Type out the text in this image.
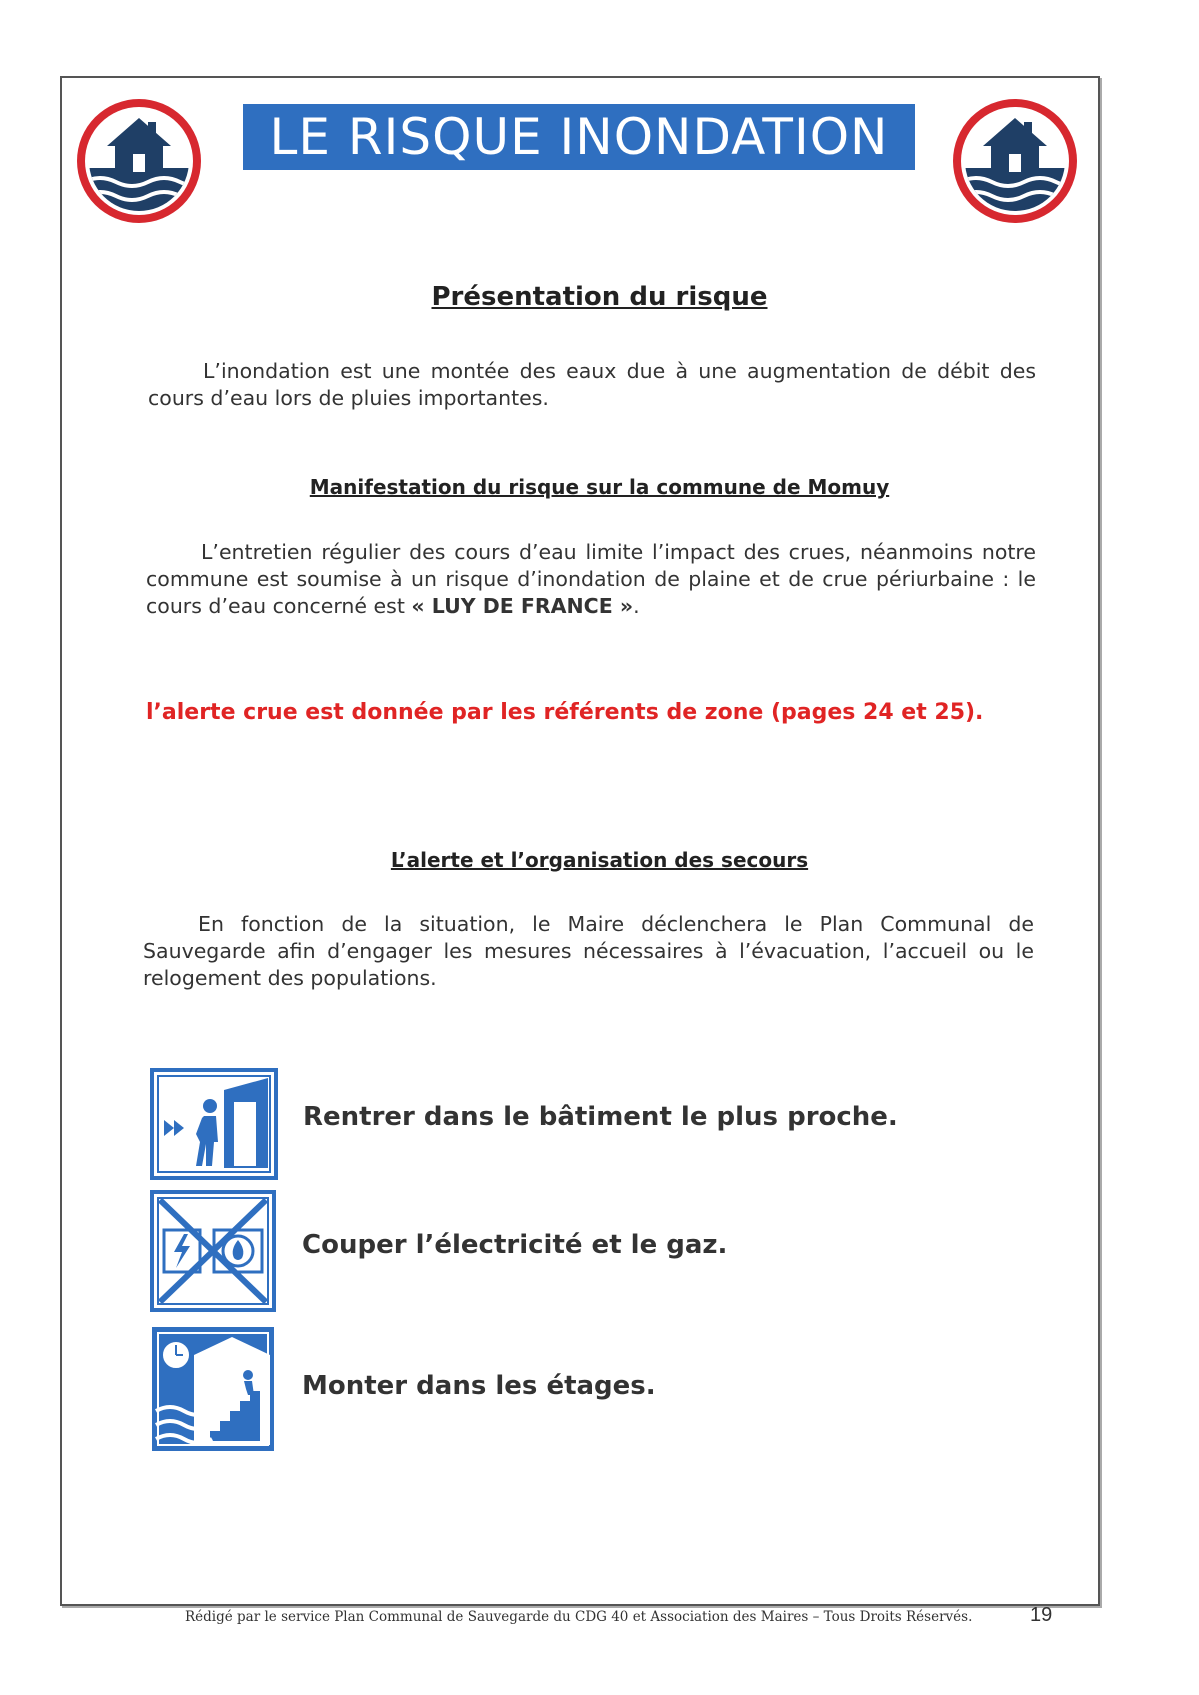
LE RISQUE INONDATION
Présentation du risque
L’inondation est une montée des eaux due à une augmentation de débit des cours d’eau lors de pluies importantes.
Manifestation du risque sur la commune de Momuy
L’entretien régulier des cours d’eau limite l’impact des crues, néanmoins notre commune est soumise à un risque d’inondation de plaine et de crue périurbaine : le cours d’eau concerné est « LUY DE FRANCE ».
l’alerte crue est donnée par les référents de zone (pages 24 et 25).
L’alerte et l’organisation des secours
En fonction de la situation, le Maire déclenchera le Plan Communal de Sauvegarde afin d’engager les mesures nécessaires à l’évacuation, l’accueil ou le relogement des populations.
Rentrer dans le bâtiment le plus proche.
Couper l’électricité et le gaz.
Monter dans les étages.
Rédigé par le service Plan Communal de Sauvegarde du CDG 40 et Association des Maires – Tous Droits Réservés.	19
